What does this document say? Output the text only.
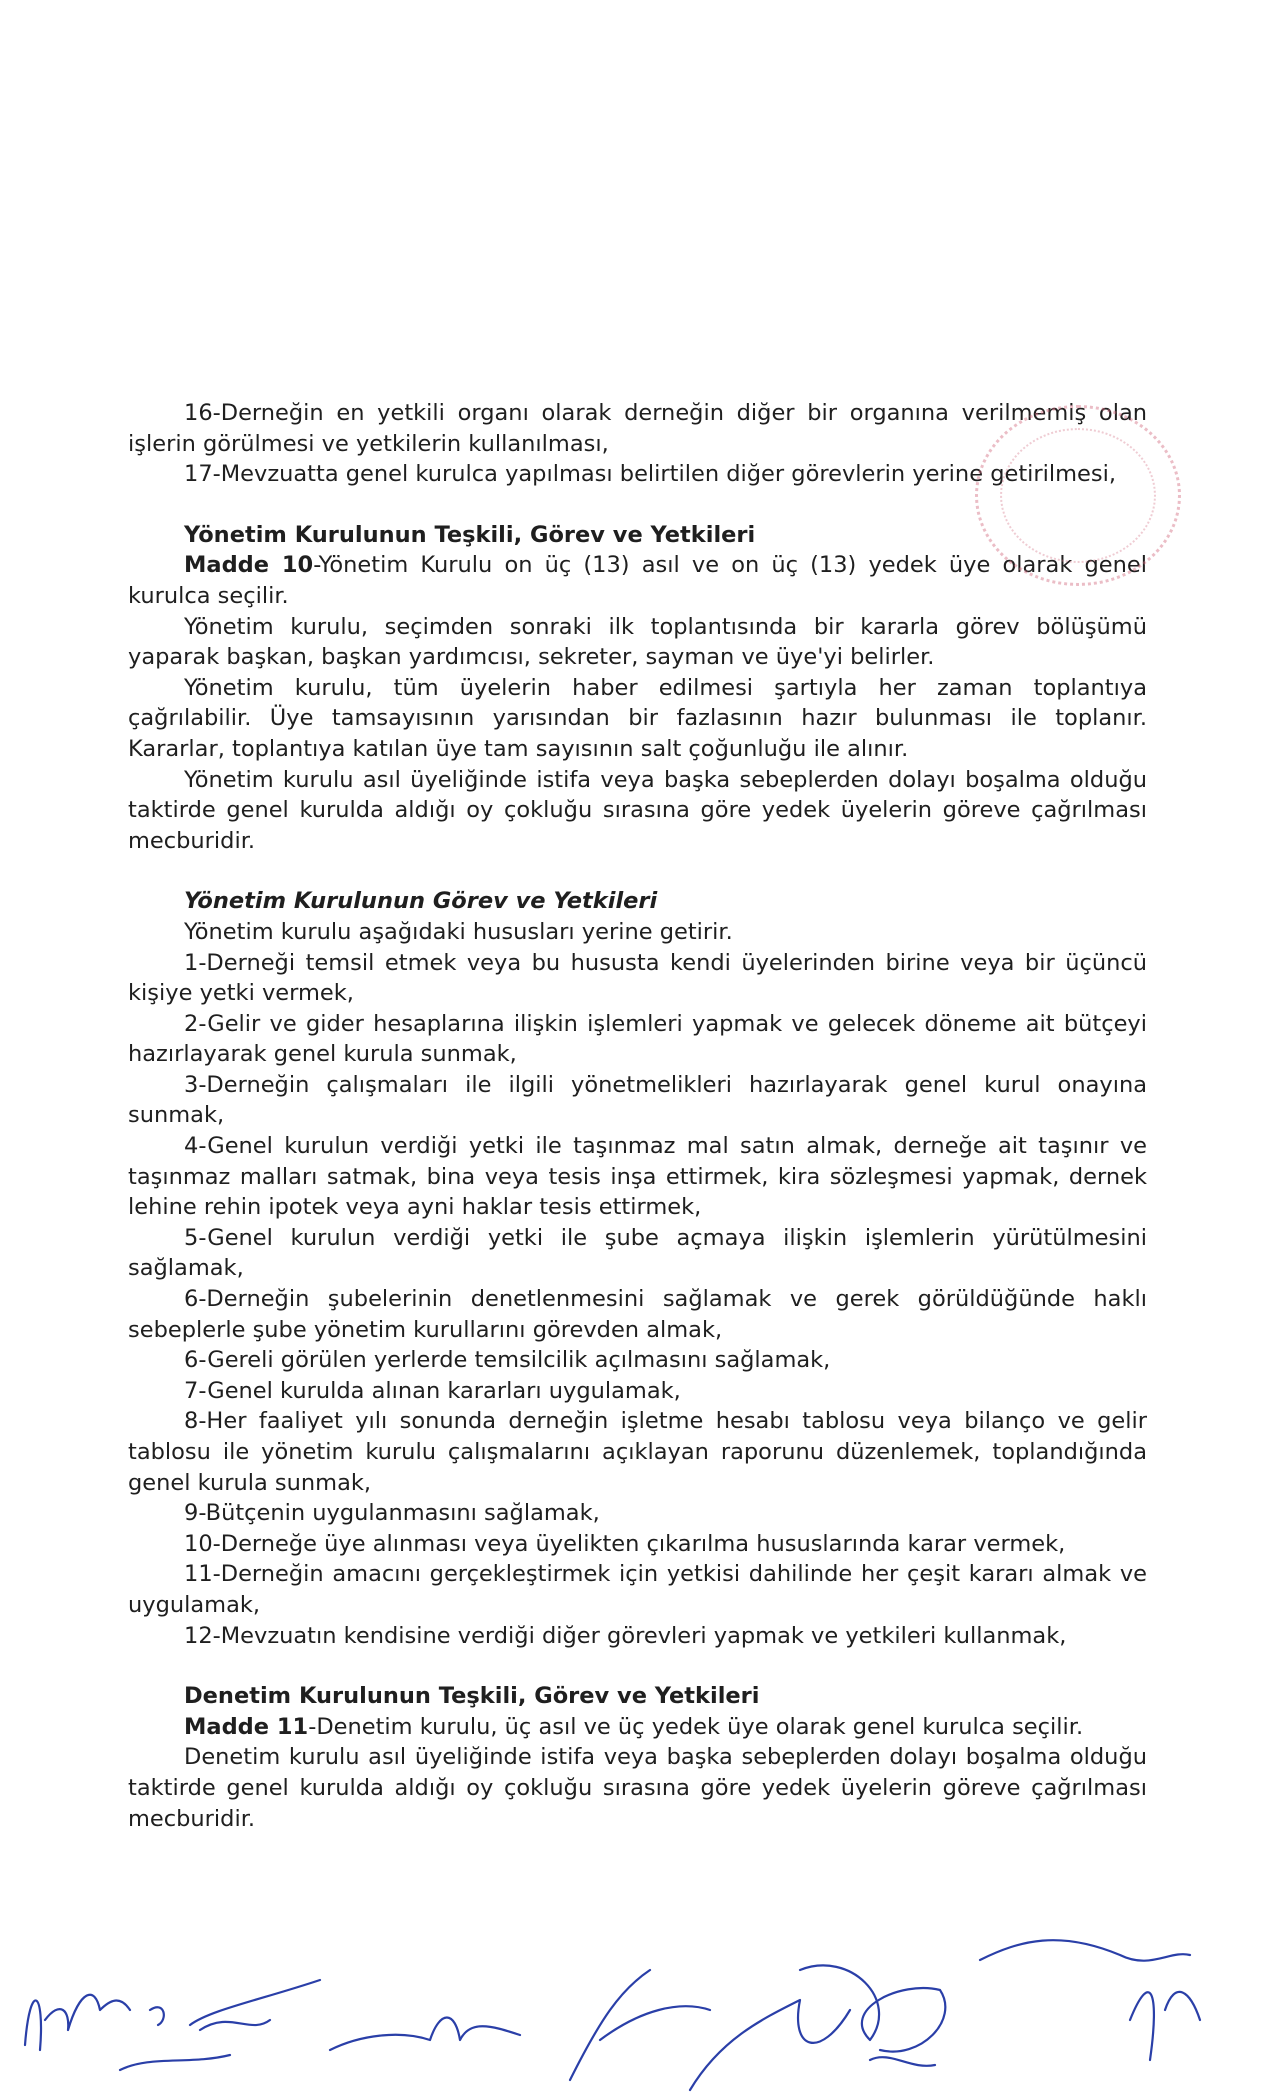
16-Derneğin en yetkili organı olarak derneğin diğer bir organına verilmemiş olan işlerin görülmesi ve yetkilerin kullanılması,

17-Mevzuatta genel kurulca yapılması belirtilen diğer görevlerin yerine getirilmesi,

Yönetim Kurulunun Teşkili, Görev ve Yetkileri

Madde 10-Yönetim Kurulu on üç (13) asıl ve on üç (13) yedek üye olarak genel kurulca seçilir.

Yönetim kurulu, seçimden sonraki ilk toplantısında bir kararla görev bölüşümü yaparak başkan, başkan yardımcısı, sekreter, sayman ve üye'yi belirler.

Yönetim kurulu, tüm üyelerin haber edilmesi şartıyla her zaman toplantıya çağrılabilir. Üye tamsayısının yarısından bir fazlasının hazır bulunması ile toplanır. Kararlar, toplantıya katılan üye tam sayısının salt çoğunluğu ile alınır.

Yönetim kurulu asıl üyeliğinde istifa veya başka sebeplerden dolayı boşalma olduğu taktirde genel kurulda aldığı oy çokluğu sırasına göre yedek üyelerin göreve çağrılması mecburidir.

Yönetim Kurulunun Görev ve Yetkileri

Yönetim kurulu aşağıdaki hususları yerine getirir.

1-Derneği temsil etmek veya bu hususta kendi üyelerinden birine veya bir üçüncü kişiye yetki vermek,

2-Gelir ve gider hesaplarına ilişkin işlemleri yapmak ve gelecek döneme ait bütçeyi hazırlayarak genel kurula sunmak,

3-Derneğin çalışmaları ile ilgili yönetmelikleri hazırlayarak genel kurul onayına sunmak,

4-Genel kurulun verdiği yetki ile taşınmaz mal satın almak, derneğe ait taşınır ve taşınmaz malları satmak, bina veya tesis inşa ettirmek, kira sözleşmesi yapmak, dernek lehine rehin ipotek veya ayni haklar tesis ettirmek,

5-Genel kurulun verdiği yetki ile şube açmaya ilişkin işlemlerin yürütülmesini sağlamak,

6-Derneğin şubelerinin denetlenmesini sağlamak ve gerek görüldüğünde haklı sebeplerle şube yönetim kurullarını görevden almak,

6-Gereli görülen yerlerde temsilcilik açılmasını sağlamak,

7-Genel kurulda alınan kararları uygulamak,

8-Her faaliyet yılı sonunda derneğin işletme hesabı tablosu veya bilanço ve gelir tablosu ile yönetim kurulu çalışmalarını açıklayan raporunu düzenlemek, toplandığında genel kurula sunmak,

9-Bütçenin uygulanmasını sağlamak,

10-Derneğe üye alınması veya üyelikten çıkarılma hususlarında karar vermek,

11-Derneğin amacını gerçekleştirmek için yetkisi dahilinde her çeşit kararı almak ve uygulamak,

12-Mevzuatın kendisine verdiği diğer görevleri yapmak ve yetkileri kullanmak,

Denetim Kurulunun Teşkili, Görev ve Yetkileri

Madde 11-Denetim kurulu, üç asıl ve üç yedek üye olarak genel kurulca seçilir.

Denetim kurulu asıl üyeliğinde istifa veya başka sebeplerden dolayı boşalma olduğu taktirde genel kurulda aldığı oy çokluğu sırasına göre yedek üyelerin göreve çağrılması mecburidir.
